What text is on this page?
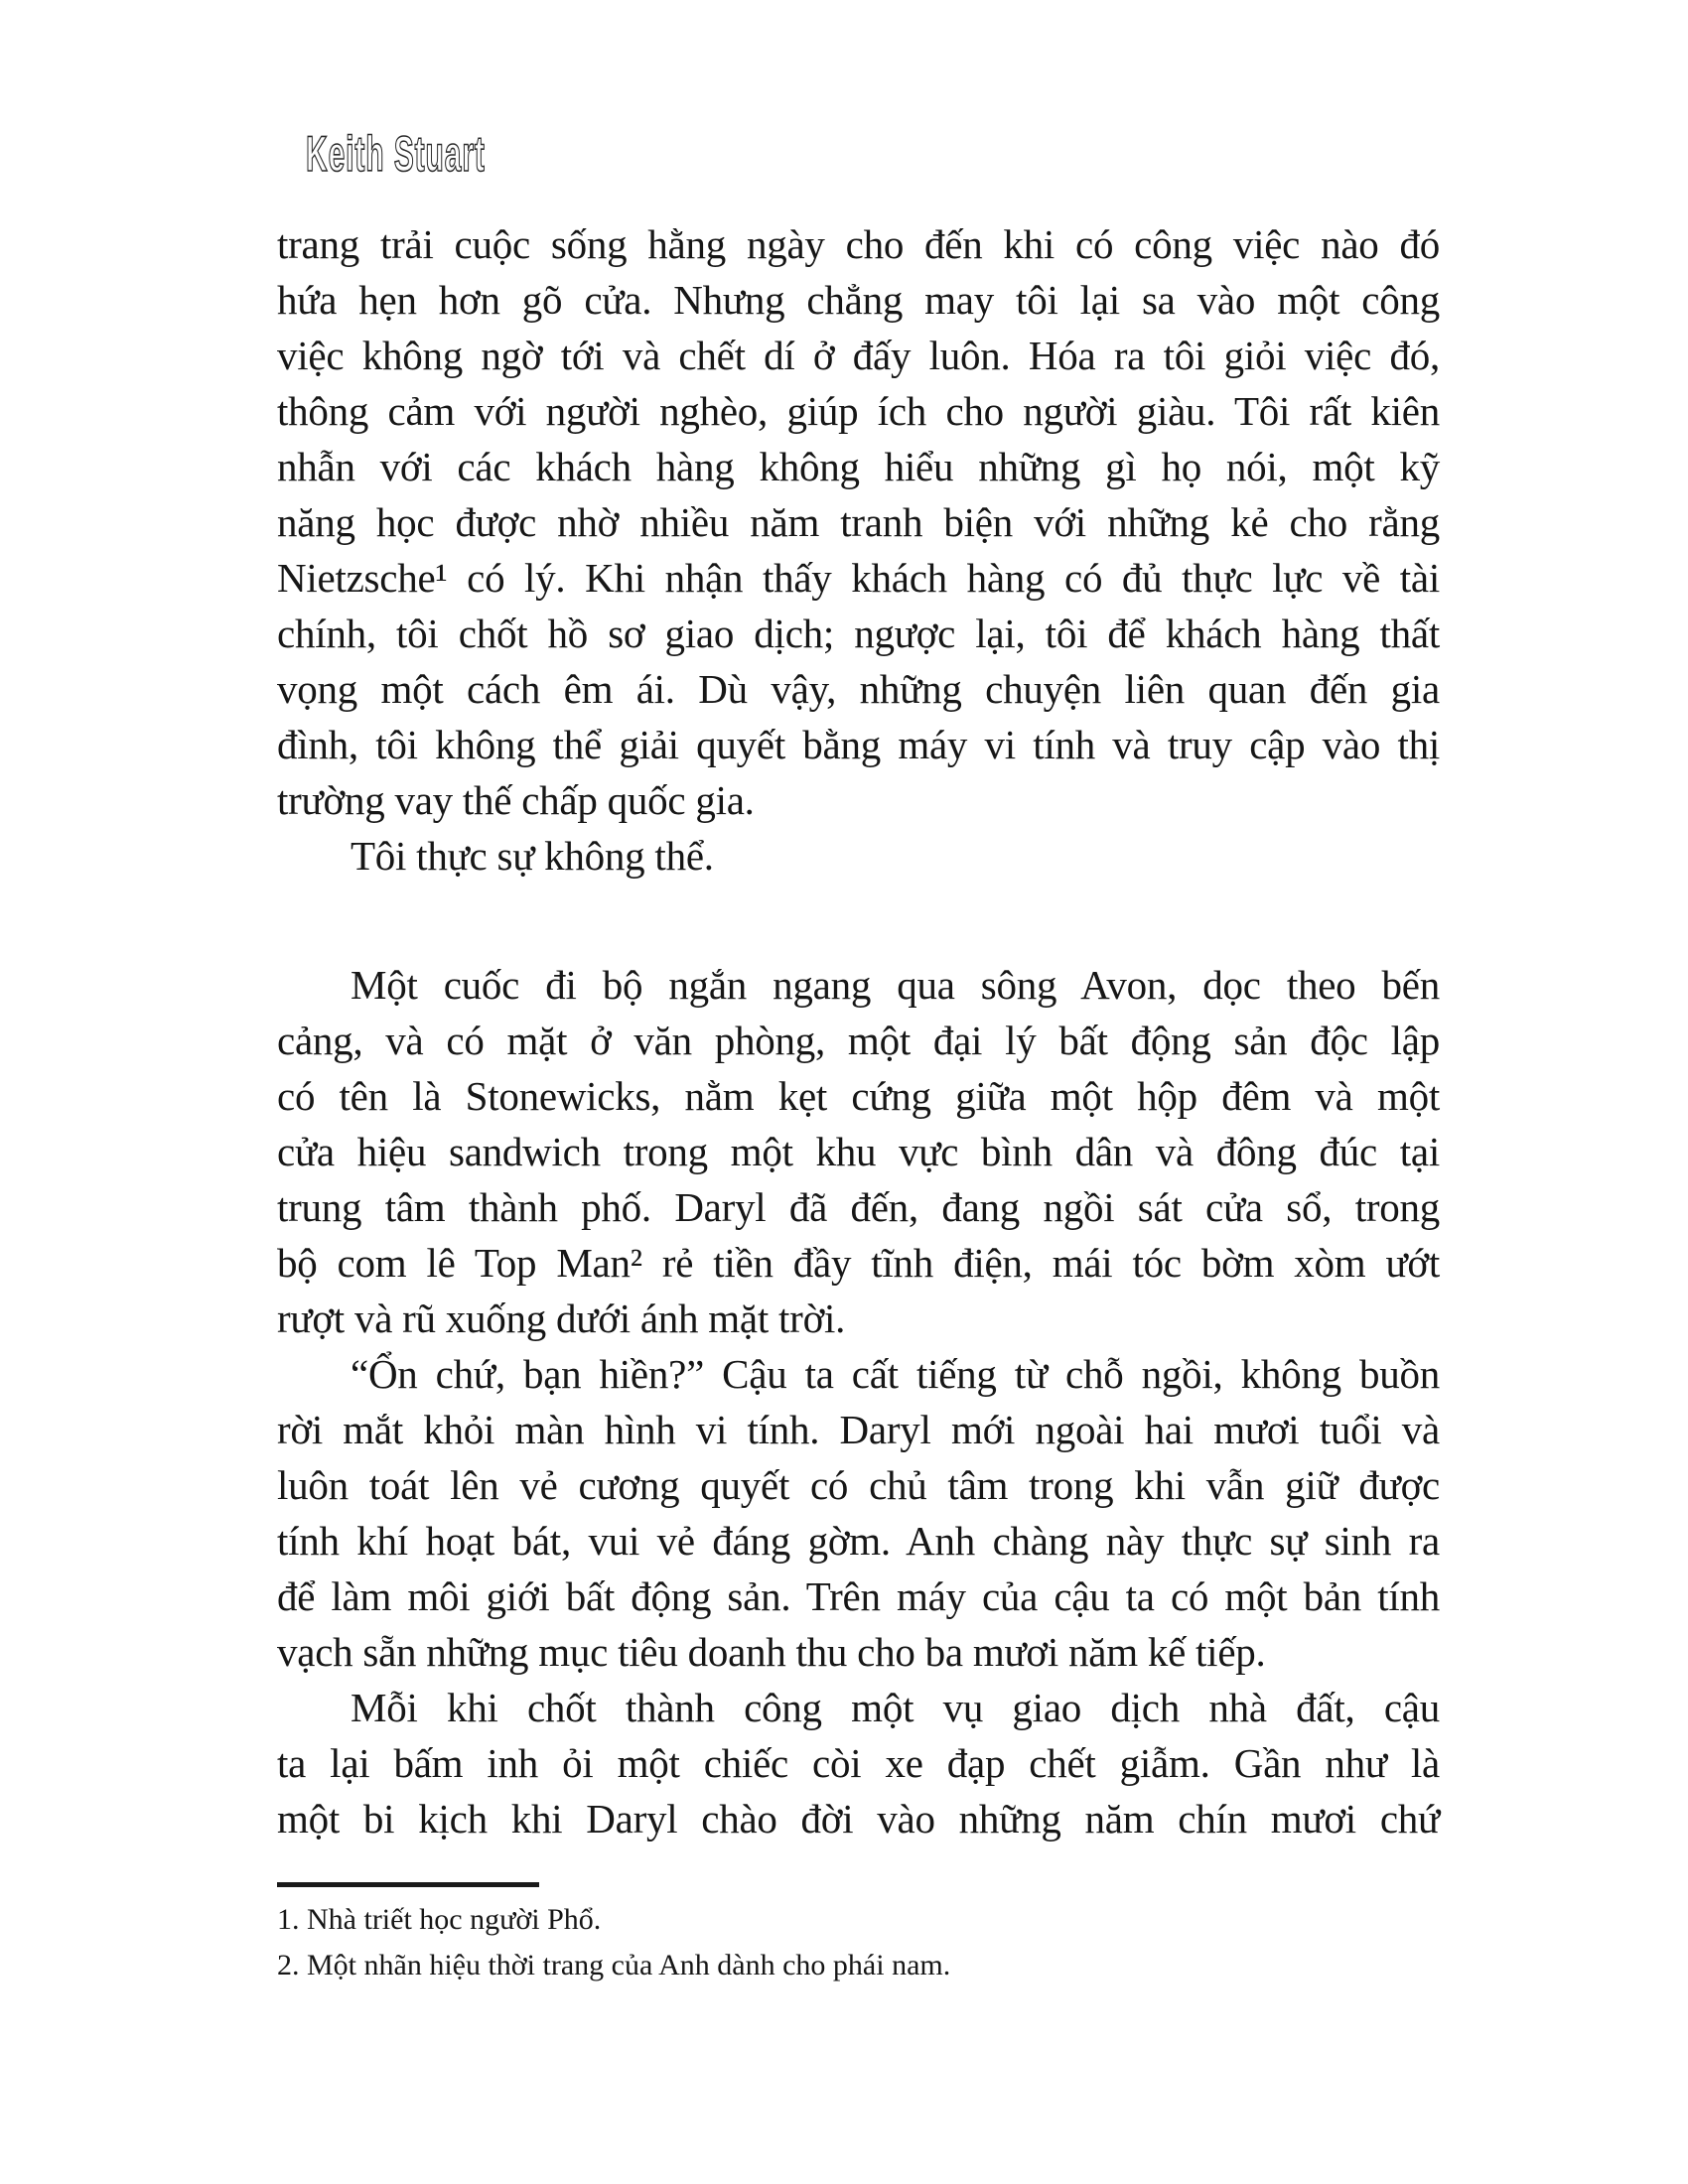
Keith Stuart
trang trải cuộc sống hằng ngày cho đến khi có công việc nào đó
hứa hẹn hơn gõ cửa. Nhưng chẳng may tôi lại sa vào một công
việc không ngờ tới và chết dí ở đấy luôn. Hóa ra tôi giỏi việc đó,
thông cảm với người nghèo, giúp ích cho người giàu. Tôi rất kiên
nhẫn với các khách hàng không hiểu những gì họ nói, một kỹ
năng học được nhờ nhiều năm tranh biện với những kẻ cho rằng
Nietzsche¹ có lý. Khi nhận thấy khách hàng có đủ thực lực về tài
chính, tôi chốt hồ sơ giao dịch; ngược lại, tôi để khách hàng thất
vọng một cách êm ái. Dù vậy, những chuyện liên quan đến gia
đình, tôi không thể giải quyết bằng máy vi tính và truy cập vào thị
trường vay thế chấp quốc gia.
Tôi thực sự không thể.
Một cuốc đi bộ ngắn ngang qua sông Avon, dọc theo bến
cảng, và có mặt ở văn phòng, một đại lý bất động sản độc lập
có tên là Stonewicks, nằm kẹt cứng giữa một hộp đêm và một
cửa hiệu sandwich trong một khu vực bình dân và đông đúc tại
trung tâm thành phố. Daryl đã đến, đang ngồi sát cửa sổ, trong
bộ com lê Top Man² rẻ tiền đầy tĩnh điện, mái tóc bờm xòm ướt
rượt và rũ xuống dưới ánh mặt trời.
“Ổn chứ, bạn hiền?” Cậu ta cất tiếng từ chỗ ngồi, không buồn
rời mắt khỏi màn hình vi tính. Daryl mới ngoài hai mươi tuổi và
luôn toát lên vẻ cương quyết có chủ tâm trong khi vẫn giữ được
tính khí hoạt bát, vui vẻ đáng gờm. Anh chàng này thực sự sinh ra
để làm môi giới bất động sản. Trên máy của cậu ta có một bản tính
vạch sẵn những mục tiêu doanh thu cho ba mươi năm kế tiếp.
Mỗi khi chốt thành công một vụ giao dịch nhà đất, cậu
ta lại bấm inh ỏi một chiếc còi xe đạp chết giẫm. Gần như là
một bi kịch khi Daryl chào đời vào những năm chín mươi chứ
1. Nhà triết học người Phổ.
2. Một nhãn hiệu thời trang của Anh dành cho phái nam.
